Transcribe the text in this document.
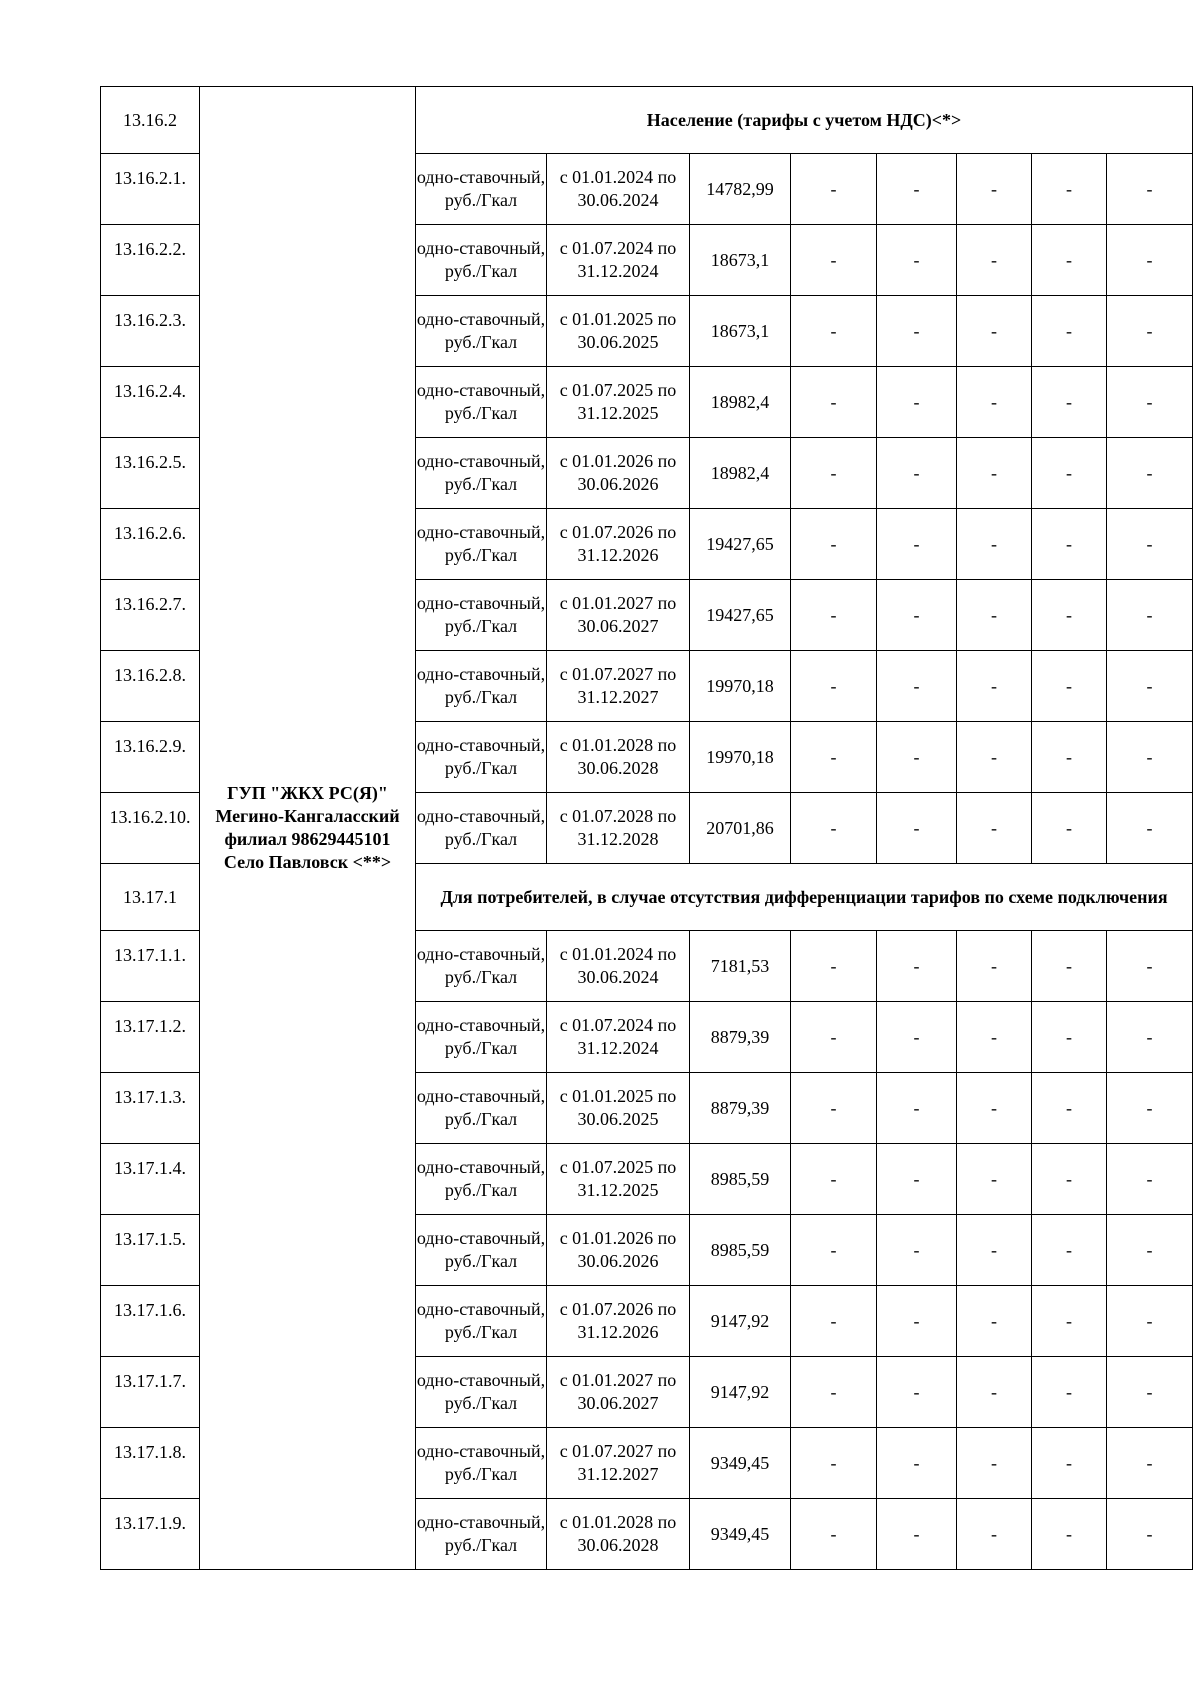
13.16.2	ГУП "ЖКХ РС(Я)" Мегино-Кангаласский филиал 98629445101 Село Павловск <**>	Население (тарифы с учетом НДС)<*>							
13.16.2.1.		одно-ставочный, руб./Гкал	с 01.01.2024 по 30.06.2024	14782,99	-	-	-	-	-
13.16.2.2.		одно-ставочный, руб./Гкал	с 01.07.2024 по 31.12.2024	18673,1	-	-	-	-	-
13.16.2.3.		одно-ставочный, руб./Гкал	с 01.01.2025 по 30.06.2025	18673,1	-	-	-	-	-
13.16.2.4.		одно-ставочный, руб./Гкал	с 01.07.2025 по 31.12.2025	18982,4	-	-	-	-	-
13.16.2.5.		одно-ставочный, руб./Гкал	с 01.01.2026 по 30.06.2026	18982,4	-	-	-	-	-
13.16.2.6.		одно-ставочный, руб./Гкал	с 01.07.2026 по 31.12.2026	19427,65	-	-	-	-	-
13.16.2.7.		одно-ставочный, руб./Гкал	с 01.01.2027 по 30.06.2027	19427,65	-	-	-	-	-
13.16.2.8.		одно-ставочный, руб./Гкал	с 01.07.2027 по 31.12.2027	19970,18	-	-	-	-	-
13.16.2.9.		одно-ставочный, руб./Гкал	с 01.01.2028 по 30.06.2028	19970,18	-	-	-	-	-
13.16.2.10.		одно-ставочный, руб./Гкал	с 01.07.2028 по 31.12.2028	20701,86	-	-	-	-	-
13.17.1		Для потребителей, в случае отсутствия дифференциации тарифов по схеме подключения							
13.17.1.1.		одно-ставочный, руб./Гкал	с 01.01.2024 по 30.06.2024	7181,53	-	-	-	-	-
13.17.1.2.		одно-ставочный, руб./Гкал	с 01.07.2024 по 31.12.2024	8879,39	-	-	-	-	-
13.17.1.3.		одно-ставочный, руб./Гкал	с 01.01.2025 по 30.06.2025	8879,39	-	-	-	-	-
13.17.1.4.		одно-ставочный, руб./Гкал	с 01.07.2025 по 31.12.2025	8985,59	-	-	-	-	-
13.17.1.5.		одно-ставочный, руб./Гкал	с 01.01.2026 по 30.06.2026	8985,59	-	-	-	-	-
13.17.1.6.		одно-ставочный, руб./Гкал	с 01.07.2026 по 31.12.2026	9147,92	-	-	-	-	-
13.17.1.7.		одно-ставочный, руб./Гкал	с 01.01.2027 по 30.06.2027	9147,92	-	-	-	-	-
13.17.1.8.		одно-ставочный, руб./Гкал	с 01.07.2027 по 31.12.2027	9349,45	-	-	-	-	-
13.17.1.9.		одно-ставочный, руб./Гкал	с 01.01.2028 по 30.06.2028	9349,45	-	-	-	-	-
